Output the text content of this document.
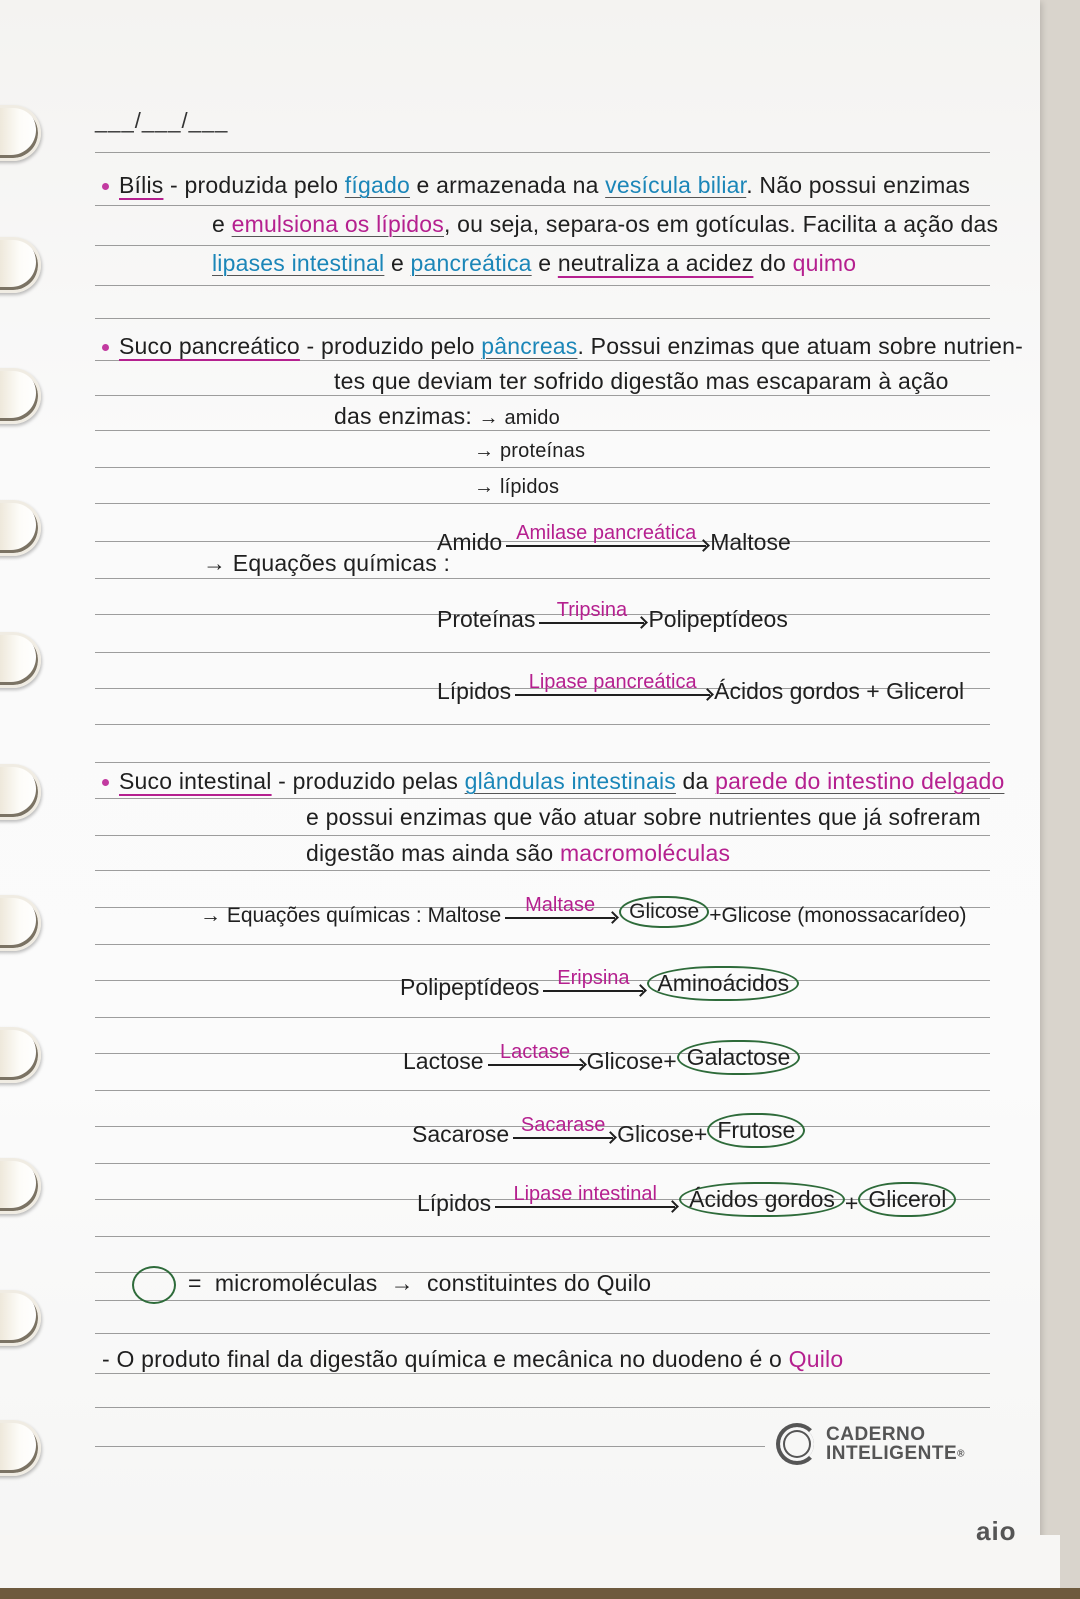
___/___/___
Bílis - produzida pelo fígado e armazenada na vesícula biliar. Não possui enzimas
e emulsiona os lípidos, ou seja, separa-os em gotículas. Facilita a ação das
lipases intestinal e pancreática e neutraliza a acidez do quimo
Suco pancreático - produzido pelo pâncreas. Possui enzimas que atuam sobre nutrien-
tes que deviam ter sofrido digestão mas escaparam à ação
das enzimas: → amido
→ proteínas
→ lípidos
→ Equações químicas :
Amido Amilase pancreática Maltose
Proteínas Tripsina Polipeptídeos
Lípidos Lipase pancreática Ácidos gordos + Glicerol
Suco intestinal - produzido pelas glândulas intestinais da parede do intestino delgado
e possui enzimas que vão atuar sobre nutrientes que já sofreram
digestão mas ainda são macromoléculas
→ Equações químicas :
Maltose Maltase	Glicose + Glicose (monossacarídeo)
Polipeptídeos Eripsina	Aminoácidos
Lactose Lactase Glicose + Galactose
Sacarose Sacarase Glicose + Frutose
Lípidos Lipase intestinal	Ácidos gordos + Glicerol
= micromoléculas → constituintes do Quilo
- O produto final da digestão química e mecânica no duodeno é o Quilo
CADERNO
INTELIGENTE®
aio
